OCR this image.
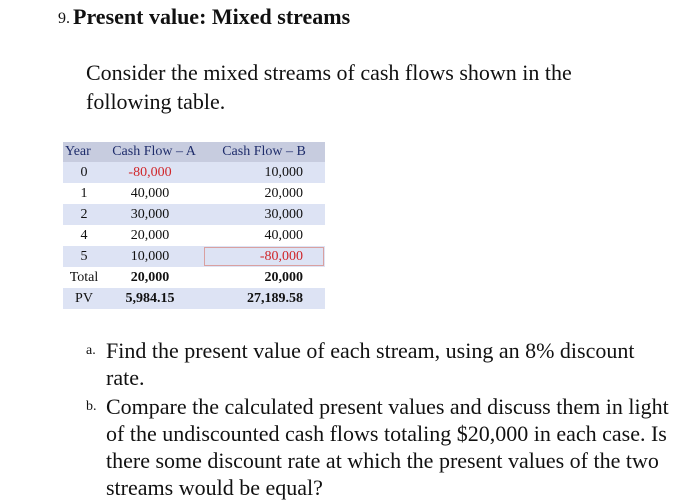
9. Present value: Mixed streams
Consider the mixed streams of cash flows shown in the following table.
Year	Cash Flow – A	Cash Flow – B
0	-80,000	10,000
1	40,000	20,000
2	30,000	30,000
4	20,000	40,000
5	10,000	-80,000
Total	20,000	20,000
PV	5,984.15	27,189.58
a. Find the present value of each stream, using an 8% discount rate.
b. Compare the calculated present values and discuss them in light of the undiscounted cash flows totaling $20,000 in each case. Is there some discount rate at which the present values of the two streams would be equal?
